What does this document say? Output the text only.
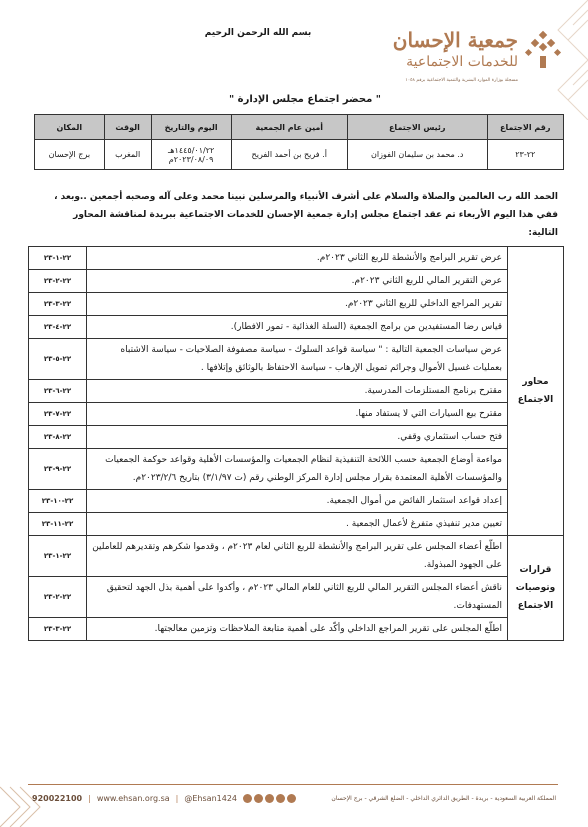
بسم الله الرحمن الرحيم	جمعية الإحسان
للخدمات الاجتماعية
مسجلة بوزارة الموارد البشرية والتنمية الاجتماعية برقم ١٠٥٨
" محضر اجتماع مجلس الإدارة "
رقم الاجتماع	رئيس الاجتماع	أمين عام الجمعية	اليوم والتاريخ	الوقت	المكان
٢٢-٢٣	د. محمد بن سليمان الفوزان	أ. فريح بن أحمد الفريح	١٤٤٥/٠١/٢٢هـ
٢٠٢٣/٠٨/٠٩م	المغرب	برج الإحسان
الحمد الله رب العالمين والصلاة والسلام على أشرف الأنبياء والمرسلين نبينا محمد وعلى آله وصحبه أجمعين ..وبعد ،
ففي هذا اليوم الأربعاء تم عقد اجتماع مجلس إدارة جمعية الإحسان للخدمات الاجتماعية ببريدة لمناقشة المحاور
التالية:
محاور الاجتماع	عرض تقرير البرامج والأنشطة للربع الثاني ٢٠٢٣م.	٢٢-١-٢٣
	عرض التقرير المالي للربع الثاني ٢٠٢٣م.	٢٢-٢-٢٣
	تقرير المراجع الداخلي للربع الثاني ٢٠٢٣م.	٢٢-٣-٢٣
	قياس رضا المستفيدين من برامج الجمعية (السلة الغذائية - تمور الافطار).	٢٢-٤-٢٣
	عرض سياسات الجمعية التالية : " سياسة قواعد السلوك - سياسة مصفوفة الصلاحيات - سياسة الاشتباه بعمليات غسيل الأموال وجرائم تمويل الإرهاب - سياسة الاحتفاظ بالوثائق وإتلافها .	٢٢-٥-٢٣
	مقترح برنامج المستلزمات المدرسية.	٢٢-٦-٢٣
	مقترح بيع السيارات التي لا يستفاد منها.	٢٢-٧-٢٣
	فتح حساب استثماري وقفي.	٢٢-٨-٢٣
	مواءمة أوضاع الجمعية حسب اللائحة التنفيذية لنظام الجمعيات والمؤسسات الأهلية وقواعد حوكمة الجمعيات والمؤسسات الأهلية المعتمدة بقرار مجلس إدارة المركز الوطني رقم (ت ٣/١/٩٧) بتاريخ ٢٠٢٣/٢/٦م.	٢٢-٩-٢٣
	إعداد قواعد استثمار الفائض من أموال الجمعية.	٢٢-١٠-٢٣
	تعيين مدير تنفيذي متفرغ لأعمال الجمعية .	٢٢-١١-٢٣
قرارات وتوصيات الاجتماع	اطلّع أعضاء المجلس على تقرير البرامج والأنشطة للربع الثاني لعام ٢٠٢٣م ، وقدموا شكرهم وتقديرهم للعاملين على الجهود المبذولة.	٢٢-١-٢٣
	ناقش أعضاء المجلس التقرير المالي للربع الثاني للعام المالي ٢٠٢٣م ، وأكدوا على أهمية بذل الجهد لتحقيق المستهدفات.	٢٢-٢-٢٣
	اطلّع المجلس على تقرير المراجع الداخلي وأكّد على أهمية متابعة الملاحظات وتزمين معالجتها.	٢٢-٣-٢٣
المملكة العربية السعودية - بريدة - الطريق الدائري الداخلي - الضلع الشرقي - برج الإحسان
920022100 | www.ehsan.org.sa | @Ehsan1424
